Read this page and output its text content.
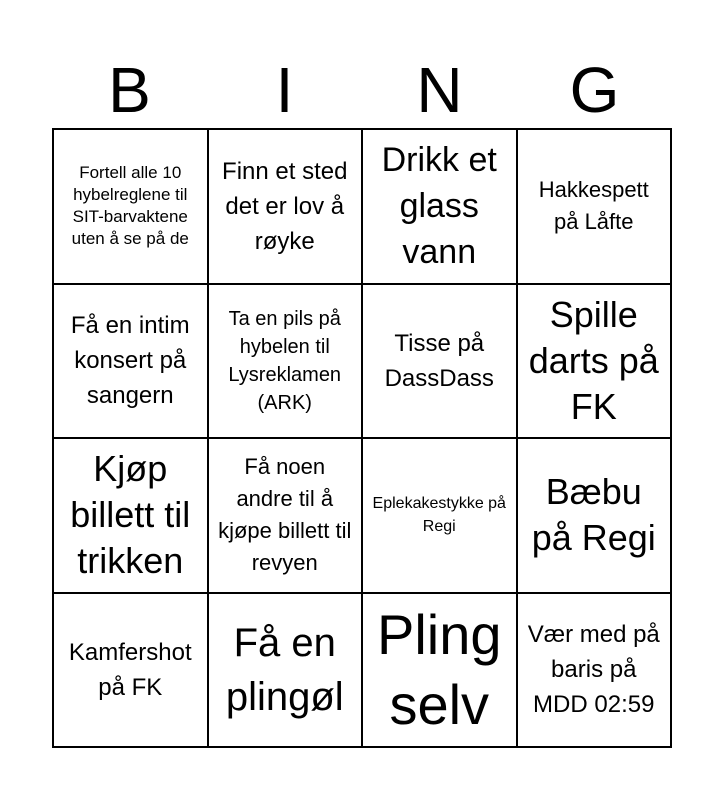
B	I	N	G
Fortell alle 10 hybelreglene til SIT-barvaktene uten å se på de
Finn et sted det er lov å røyke
Drikk et glass vann
Hakkespett på Låfte
Få en intim konsert på sangern
Ta en pils på hybelen til Lysreklamen (ARK)
Tisse på DassDass
Spille darts på FK
Kjøp billett til trikken
Få noen andre til å kjøpe billett til revyen
Eplekakestykke på Regi
Bæbu på Regi
Kamfershot på FK
Få en plingøl
Pling selv
Vær med på baris på MDD 02:59
